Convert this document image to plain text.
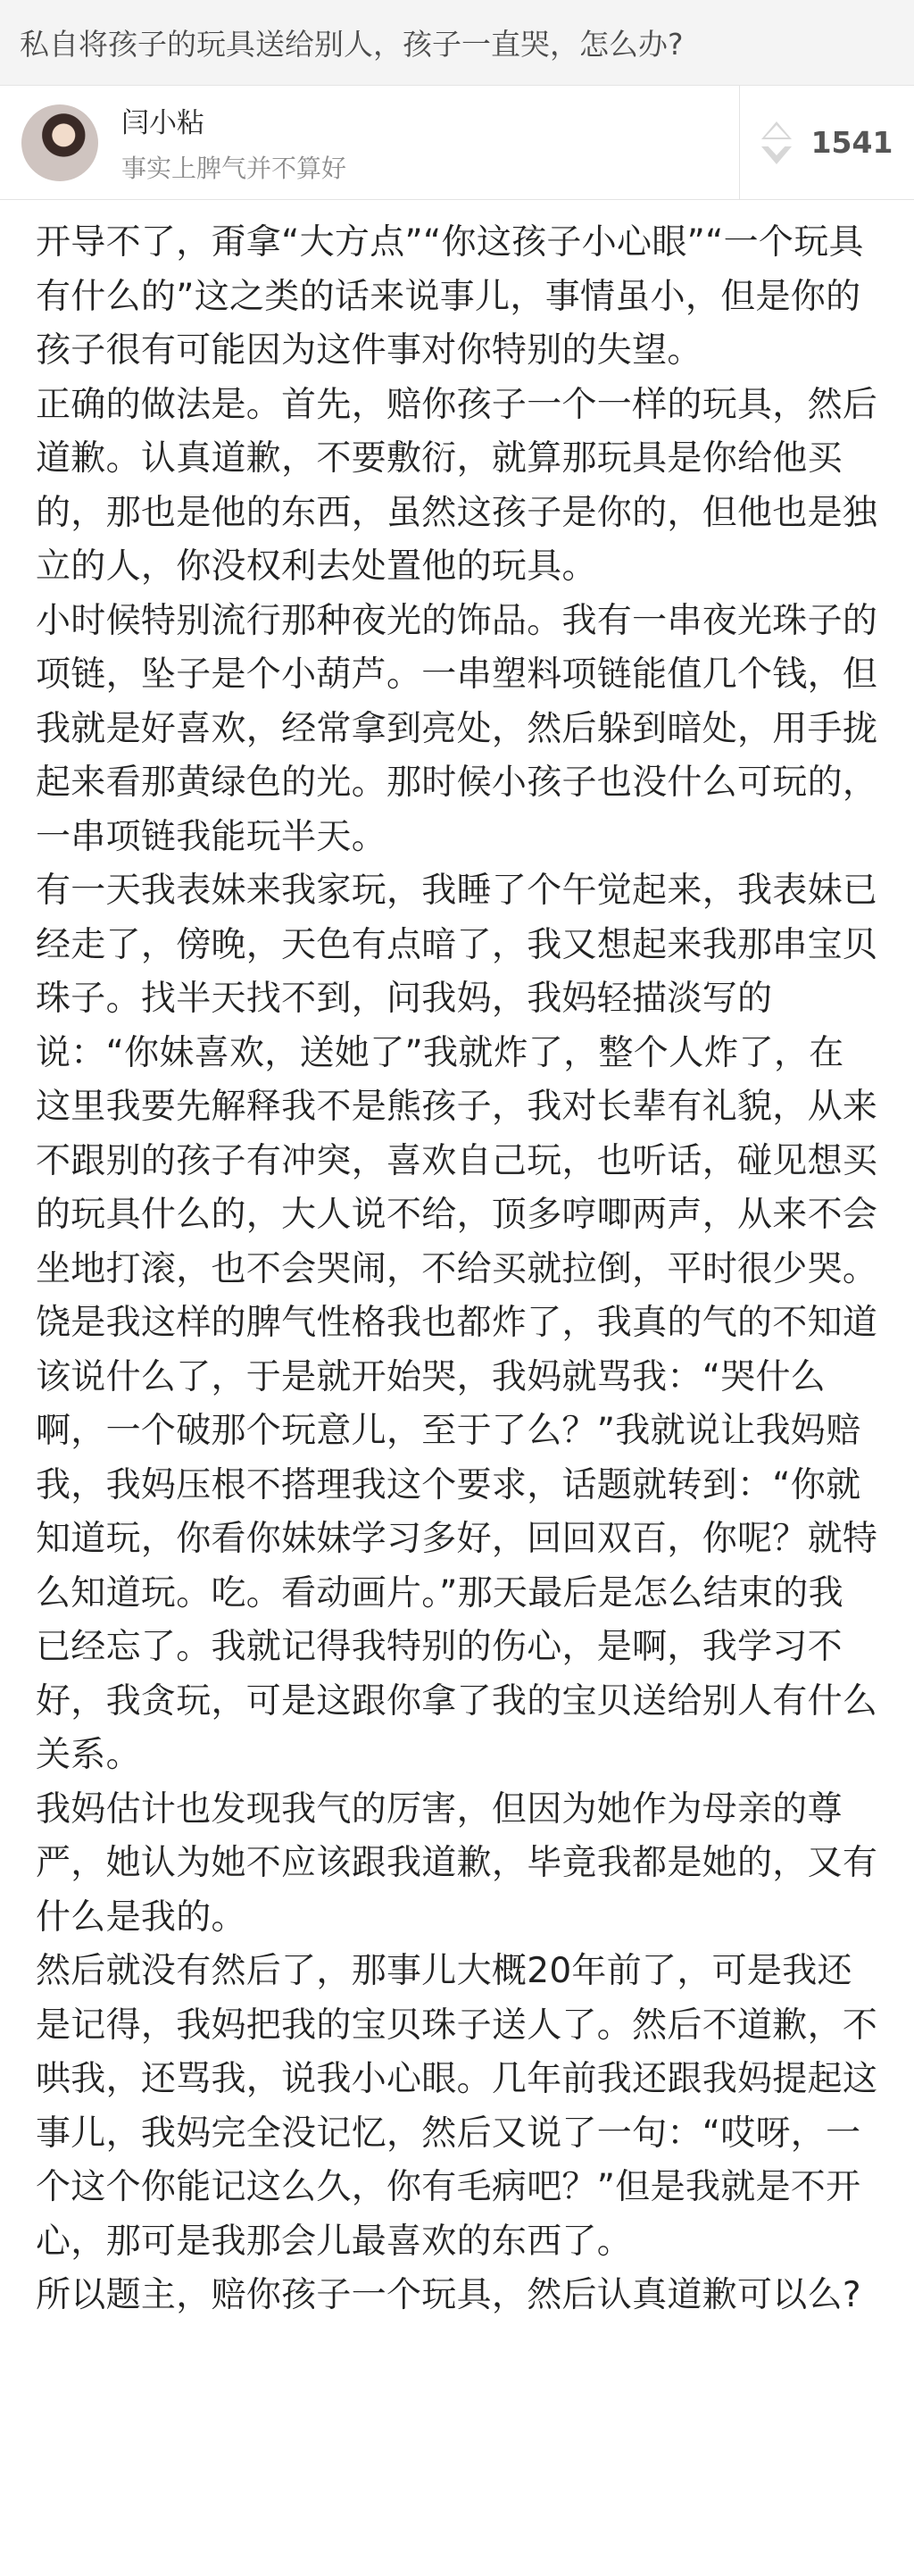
私自将孩子的玩具送给别人，孩子一直哭，怎么办?
闫小粘
事实上脾气并不算好
1541

开导不了，甭拿“大方点”“你这孩子小心眼”“一个玩具有什么的”这之类的话来说事儿，事情虽小，但是你的孩子很有可能因为这件事对你特别的失望。

正确的做法是。首先，赔你孩子一个一样的玩具，然后道歉。认真道歉，不要敷衍，就算那玩具是你给他买的，那也是他的东西，虽然这孩子是你的，但他也是独立的人，你没权利去处置他的玩具。

小时候特别流行那种夜光的饰品。我有一串夜光珠子的项链，坠子是个小葫芦。一串塑料项链能值几个钱，但我就是好喜欢，经常拿到亮处，然后躲到暗处，用手拢起来看那黄绿色的光。那时候小孩子也没什么可玩的，一串项链我能玩半天。

有一天我表妹来我家玩，我睡了个午觉起来，我表妹已经走了，傍晚，天色有点暗了，我又想起来我那串宝贝珠子。找半天找不到，问我妈，我妈轻描淡写的说：“你妹喜欢，送她了”我就炸了，整个人炸了，在这里我要先解释我不是熊孩子，我对长辈有礼貌，从来不跟别的孩子有冲突，喜欢自己玩，也听话，碰见想买的玩具什么的，大人说不给，顶多哼唧两声，从来不会坐地打滚，也不会哭闹，不给买就拉倒，平时很少哭。饶是我这样的脾气性格我也都炸了，我真的气的不知道该说什么了，于是就开始哭，我妈就骂我：“哭什么啊，一个破那个玩意儿，至于了么？”我就说让我妈赔我，我妈压根不搭理我这个要求，话题就转到：“你就知道玩，你看你妹妹学习多好，回回双百，你呢？就特么知道玩。吃。看动画片。”那天最后是怎么结束的我已经忘了。我就记得我特别的伤心，是啊，我学习不好，我贪玩，可是这跟你拿了我的宝贝送给别人有什么关系。

我妈估计也发现我气的厉害，但因为她作为母亲的尊严，她认为她不应该跟我道歉，毕竟我都是她的，又有什么是我的。

然后就没有然后了，那事儿大概20年前了，可是我还是记得，我妈把我的宝贝珠子送人了。然后不道歉，不哄我，还骂我，说我小心眼。几年前我还跟我妈提起这事儿，我妈完全没记忆，然后又说了一句：“哎呀，一个这个你能记这么久，你有毛病吧？”但是我就是不开心，那可是我那会儿最喜欢的东西了。

所以题主，赔你孩子一个玩具，然后认真道歉可以么?
